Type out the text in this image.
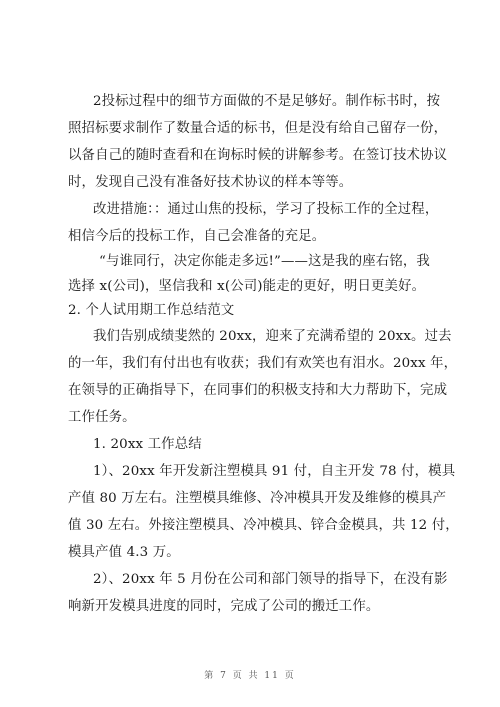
2投标过程中的细节方面做的不是足够好。制作标书时，按
照招标要求制作了数量合适的标书，但是没有给自己留存一份，
以备自己的随时查看和在询标时候的讲解参考。在签订技术协议
时，发现自己没有准备好技术协议的样本等等。
改进措施：：通过山焦的投标，学习了投标工作的全过程，
相信今后的投标工作，自己会准备的充足。
“与谁同行，决定你能走多远!”——这是我的座右铭，我
选择 x(公司)，坚信我和 x(公司)能走的更好，明日更美好。
2. 个人试用期工作总结范文
我们告别成绩斐然的 20xx，迎来了充满希望的 20xx。过去
的一年，我们有付出也有收获；我们有欢笑也有泪水。20xx 年，
在领导的正确指导下，在同事们的积极支持和大力帮助下，完成
工作任务。
1. 20xx 工作总结
1）、20xx 年开发新注塑模具 91 付，自主开发 78 付，模具
产值 80 万左右。注塑模具维修、冷冲模具开发及维修的模具产
值 30 左右。外接注塑模具、冷冲模具、锌合金模具，共 12 付，
模具产值 4.3 万。
2）、20xx 年 5 月份在公司和部门领导的指导下，在没有影
响新开发模具进度的同时，完成了公司的搬迁工作。
第 7 页 共 11 页
